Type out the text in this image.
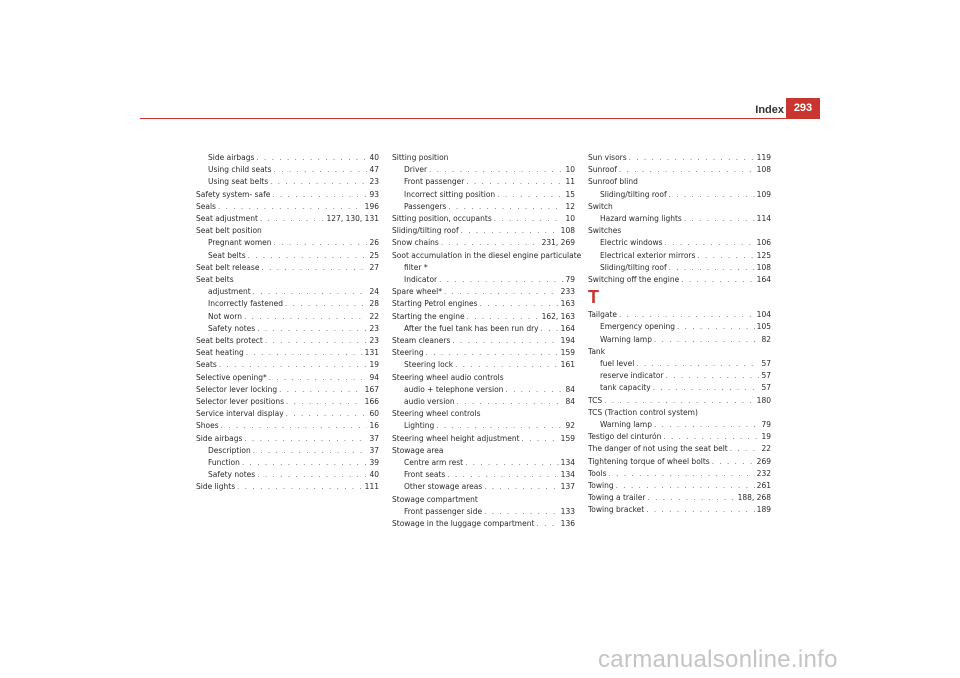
Index 293
Side airbags . . .	40
Using child seats . . .	47
Using seat belts . . .	23
Safety system- safe . . .	93
Seals . . .	196
Seat adjustment . . .	127, 130, 131
Seat belt position
Pregnant women . . .	26
Seat belts . . .	25
Seat belt release . . .	27
Seat belts
adjustment . . .	24
Incorrectly fastened . . .	28
Not worn . . .	22
Safety notes . . .	23
Seat belts protect . . .	23
Seat heating . . .	131
Seats . . .	19
Selective opening* . . .	94
Selector lever locking . . .	167
Selector lever positions . . .	166
Service interval display . . .	60
Shoes . . .	16
Side airbags . . .	37
Description . . .	37
Function . . .	39
Safety notes . . .	40
Side lights . . .	111
Sitting position
Driver . . .	10
Front passenger . . .	11
Incorrect sitting position . . .	15
Passengers . . .	12
Sitting position, occupants . . .	10
Sliding/tilting roof . . .	108
Snow chains . . .	231, 269
Soot accumulation in the diesel engine particulate
filter *
Indicator . . .	79
Spare wheel* . . .	233
Starting Petrol engines . . .	163
Starting the engine . . .	162, 163
After the fuel tank has been run dry . . .	164
Steam cleaners . . .	194
Steering . . .	159
Steering lock . . .	161
Steering wheel audio controls
audio + telephone version . . .	84
audio version . . .	84
Steering wheel controls
Lighting . . .	92
Steering wheel height adjustment . . .	159
Stowage area
Centre arm rest . . .	134
Front seats . . .	134
Other stowage areas . . .	137
Stowage compartment
Front passenger side . . .	133
Stowage in the luggage compartment . . .	136
Sun visors . . .	119
Sunroof . . .	108
Sunroof blind
Sliding/tilting roof . . .	109
Switch
Hazard warning lights . . .	114
Switches
Electric windows . . .	106
Electrical exterior mirrors . . .	125
Sliding/tilting roof . . .	108
Switching off the engine . . .	164
T
Tailgate . . .	104
Emergency opening . . .	105
Warning lamp . . .	82
Tank
fuel level . . .	57
reserve indicator . . .	57
tank capacity . . .	57
TCS . . .	180
TCS (Traction control system)
Warning lamp . . .	79
Testigo del cinturón . . .	19
The danger of not using the seat belt . . .	22
Tightening torque of wheel bolts . . .	269
Tools . . .	232
Towing . . .	261
Towing a trailer . . .	188, 268
Towing bracket . . .	189
carmanualsonline.info
